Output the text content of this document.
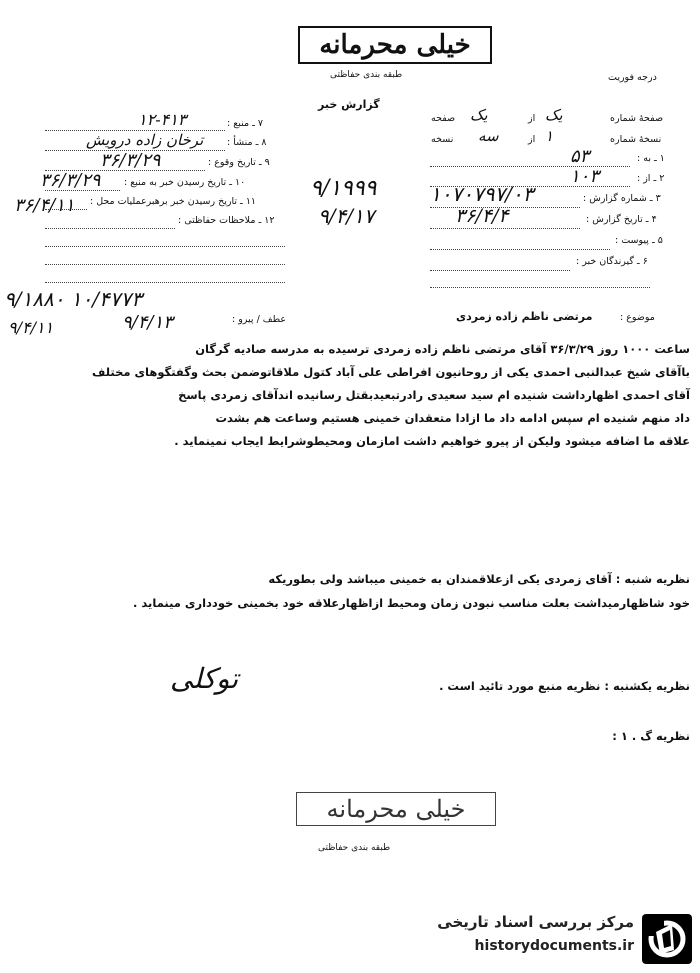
خیلی محرمانه
طبقه بندی حفاظتی	درجه فوریت
گزارش خبر
صفحهٔ شماره
از
صفحه
نسخهٔ شماره
از
نسخه
۱ ـ به :
۲ ـ از :
۳ ـ شماره گزارش :
۴ ـ تاریخ گزارش :
۵ ـ پیوست :
۶ ـ گیرندگان خبر :
۷ ـ منبع :
۸ ـ منشأ :
۹ ـ تاریخ وقوع :
۱۰ ـ تاریخ رسیدن خبر به منبع :
۱۱ ـ تاریخ رسیدن خبر برهبرعملیات محل :
۱۲ ـ ملاحظات حفاظتی :
یک
یک
۱
سه
۵۳
۱۰۳
۱۰۷۰۷۹۷/۰۳
۳۶/۴/۴
۹/۱۹۹۹
۹/۴/۱۷
۱۲-۴۱۳
ترخان زاده درویش
۳۶/۳/۲۹
۳۶/۳/۲۹
۳۶/۴/۱۱
۹/۱۸۸۰ ۱۰/۴۷۷۳
۹/۴/۱۳
۹/۴/۱۱
موضوع :
مرتضی ناظم زاده زمردی
عطف / پیرو :
ساعت ۱۰۰۰ روز ۳۶/۳/۲۹ آقای مرتضی ناظم زاده زمردی ترسیده به مدرسه صادیه گرگان
باآقای شیخ عبدالنبی احمدی یکی از روحانیون افراطی علی آباد کتول ملاقاتوضمن بحث وگفتگوهای مختلف
آقای احمدی اظهارداشت شنیده ام سید سعیدی رادرتبعیدبقتل رسانیده اندآقای زمردی پاسخ
داد منهم شنیده ام سپس ادامه داد ما ازادا متعقدان خمینی هستیم وساعت هم بشدت
علاقه ما اضافه میشود ولیکن از پیرو خواهیم داشت امازمان ومحیطوشرایط ایجاب نمینماید .
نظریه شنبه : آقای زمردی یکی ازعلاقمندان به خمینی میباشد ولی بطوریکه
خود شاظهارمیداشت بعلت مناسب نبودن زمان ومحیط ازاظهارعلاقه خود بخمینی خودداری مینماید .
نظریه یکشنبه : نظریه منبع مورد تائید است .
توکلی
نظریه گ . ۱ :
خیلی محرمانه
طبقه بندی حفاظتی
مرکز بررسی اسناد تاریخی
historydocuments.ir
